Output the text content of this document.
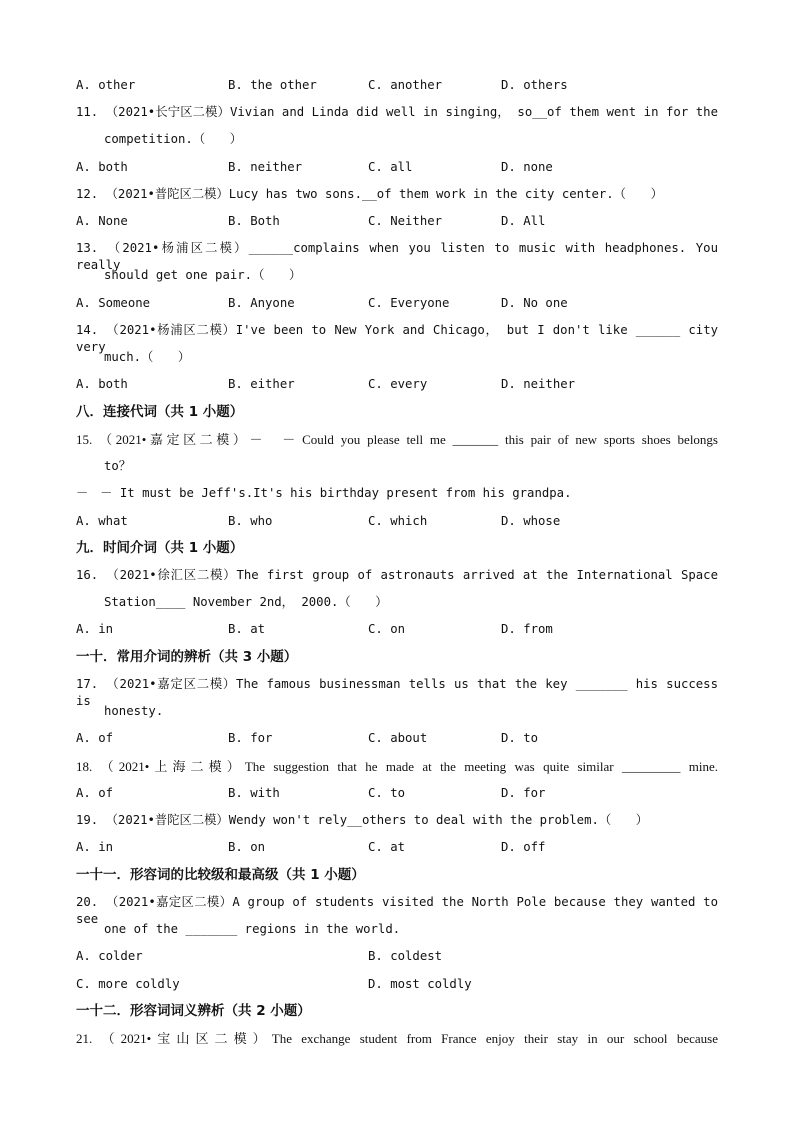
A. other	B. the other	C. another	D. others
11. （2021•长宁区二模）Vivian and Linda did well in singing， so__of them went in for the
competition.（　　）
A. both	B. neither	C. all	D. none
12. （2021•普陀区二模）Lucy has two sons.__of them work in the city center.（　　）
A. None	B. Both	C. Neither	D. All
13. （2021•杨浦区二模）______complains when you listen to music with headphones. You really
should get one pair.（　　）
A. Someone	B. Anyone	C. Everyone	D. No one
14. （2021•杨浦区二模）I've been to New York and Chicago， but I don't like ______ city very
much.（　　）
A. both	B. either	C. every	D. neither
八．连接代词（共 1 小题）
15. （2021•嘉定区二模）－ﾠ－ Could you please tell me _______ this pair of new sports shoes belongs
to？
－ﾠ－ It must be Jeff's.It's his birthday present from his grandpa.
A. what	B. who	C. which	D. whose
九．时间介词（共 1 小题）
16. （2021•徐汇区二模）The first group of astronauts arrived at the International Space
Station____ November 2nd， 2000.（　　）
A. in	B. at	C. on	D. from
一十．常用介词的辨析（共 3 小题）
17. （2021•嘉定区二模）The famous businessman tells us that the key _______ his success is
honesty.
A. of	B. for	C. about	D. to
18. （2021•上海二模）The suggestion that he made at the meeting was quite similar _________ mine.
A. of	B. with	C. to	D. for
19. （2021•普陀区二模）Wendy won't rely__others to deal with the problem.（　　）
A. in	B. on	C. at	D. off
一十一．形容词的比较级和最高级（共 1 小题）
20. （2021•嘉定区二模）A group of students visited the North Pole because they wanted to see
one of the _______ regions in the world.
A. colder	B. coldest
C. more coldly	D. most coldly
一十二．形容词词义辨析（共 2 小题）
21. （2021•宝山区二模）The exchange student from France enjoy their stay in our school because
